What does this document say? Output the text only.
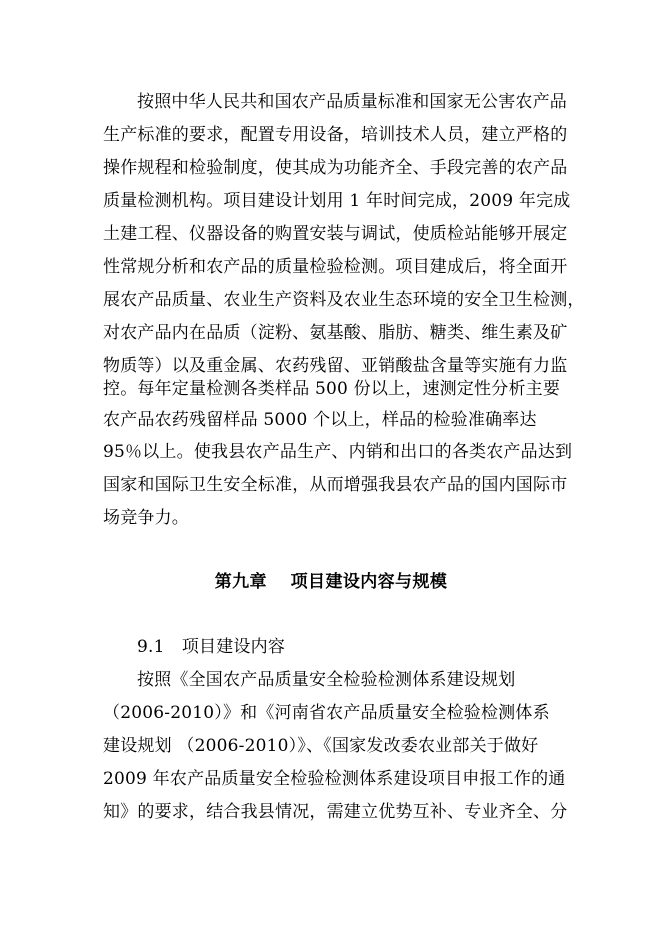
按照中华人民共和国农产品质量标准和国家无公害农产品
生产标准的要求，配置专用设备，培训技术人员，建立严格的
操作规程和检验制度，使其成为功能齐全、手段完善的农产品
质量检测机构。项目建设计划用 1 年时间完成，2009 年完成
土建工程、仪器设备的购置安装与调试，使质检站能够开展定
性常规分析和农产品的质量检验检测。项目建成后，将全面开
展农产品质量、农业生产资料及农业生态环境的安全卫生检测，
对农产品内在品质（淀粉、氨基酸、脂肪、糖类、维生素及矿
物质等）以及重金属、农药残留、亚销酸盐含量等实施有力监
控。每年定量检测各类样品 500 份以上，速测定性分析主要
农产品农药残留样品 5000 个以上，样品的检验准确率达
95％以上。使我县农产品生产、内销和出口的各类农产品达到
国家和国际卫生安全标准，从而增强我县农产品的国内国际市
场竞争力。
第九章　 项目建设内容与规模
9.1　项目建设内容
按照《全国农产品质量安全检验检测体系建设规划
（2006-2010）》和《河南省农产品质量安全检验检测体系
建设规划 （2006-2010）》、《国家发改委农业部关于做好
2009 年农产品质量安全检验检测体系建设项目申报工作的通
知》的要求，结合我县情况，需建立优势互补、专业齐全、分
